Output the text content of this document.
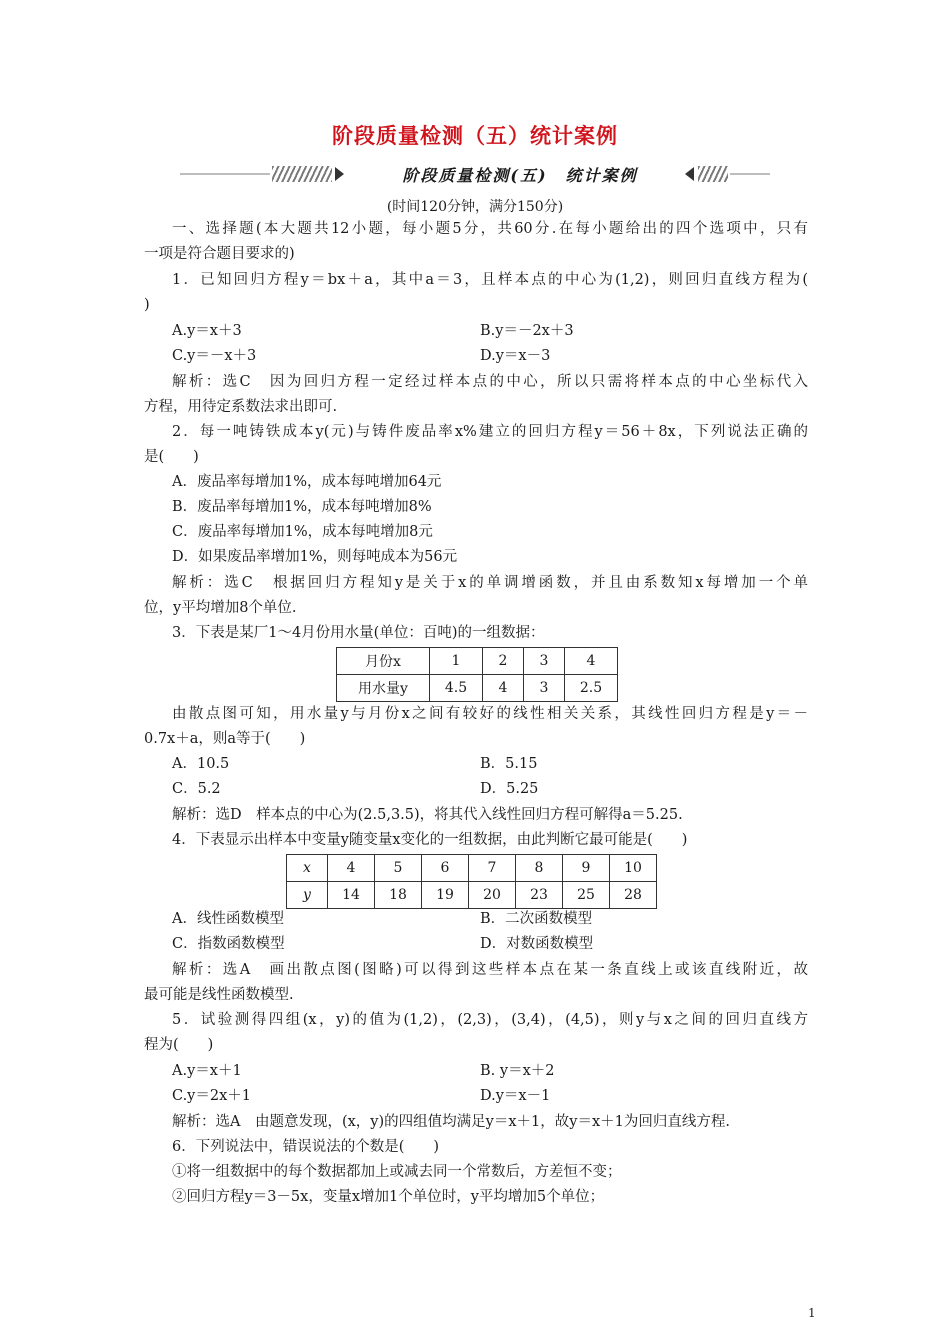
阶段质量检测（五）统计案例
阶段质量检测(五)　统计案例
(时间120分钟，满分150分)
一、选择题(本大题共12小题，每小题5分，共60分.在每小题给出的四个选项中，只有
一项是符合题目要求的)
1．已知回归方程y＝bx＋a，其中a＝3，且样本点的中心为(1,2)，则回归直线方程为(
)
A.y＝x＋3	B.y＝－2x＋3
C.y＝－x＋3	D.y＝x－3
解析：选C　因为回归方程一定经过样本点的中心，所以只需将样本点的中心坐标代入
方程，用待定系数法求出即可.
2．每一吨铸铁成本y(元)与铸件废品率x%建立的回归方程y＝56＋8x，下列说法正确的
是(　　)
A．废品率每增加1%，成本每吨增加64元
B．废品率每增加1%，成本每吨增加8%
C．废品率每增加1%，成本每吨增加8元
D．如果废品率增加1%，则每吨成本为56元
解析：选C　根据回归方程知y是关于x的单调增函数，并且由系数知x每增加一个单
位，y平均增加8个单位.
3．下表是某厂1～4月份用水量(单位：百吨)的一组数据：
月份x	1	2	3	4
用水量y	4.5	4	3	2.5
由散点图可知，用水量y与月份x之间有较好的线性相关关系，其线性回归方程是y＝－
0.7x＋a，则a等于(　　)
A．10.5	B．5.15
C．5.2	D．5.25
解析：选D　样本点的中心为(2.5,3.5)，将其代入线性回归方程可解得a＝5.25.
4．下表显示出样本中变量y随变量x变化的一组数据，由此判断它最可能是(　　)
x	4	5	6	7	8	9	10
y	14	18	19	20	23	25	28
A．线性函数模型	B．二次函数模型
C．指数函数模型	D．对数函数模型
解析：选A　画出散点图(图略)可以得到这些样本点在某一条直线上或该直线附近，故
最可能是线性函数模型.
5．试验测得四组(x，y)的值为(1,2)，(2,3)，(3,4)，(4,5)，则y与x之间的回归直线方
程为(　　)
A.y＝x＋1	B. y＝x＋2
C.y＝2x＋1	D.y＝x－1
解析：选A　由题意发现，(x，y)的四组值均满足y＝x＋1，故y＝x＋1为回归直线方程.
6．下列说法中，错误说法的个数是(　　)
①将一组数据中的每个数据都加上或减去同一个常数后，方差恒不变；
②回归方程y＝3－5x，变量x增加1个单位时，y平均增加5个单位；
1
